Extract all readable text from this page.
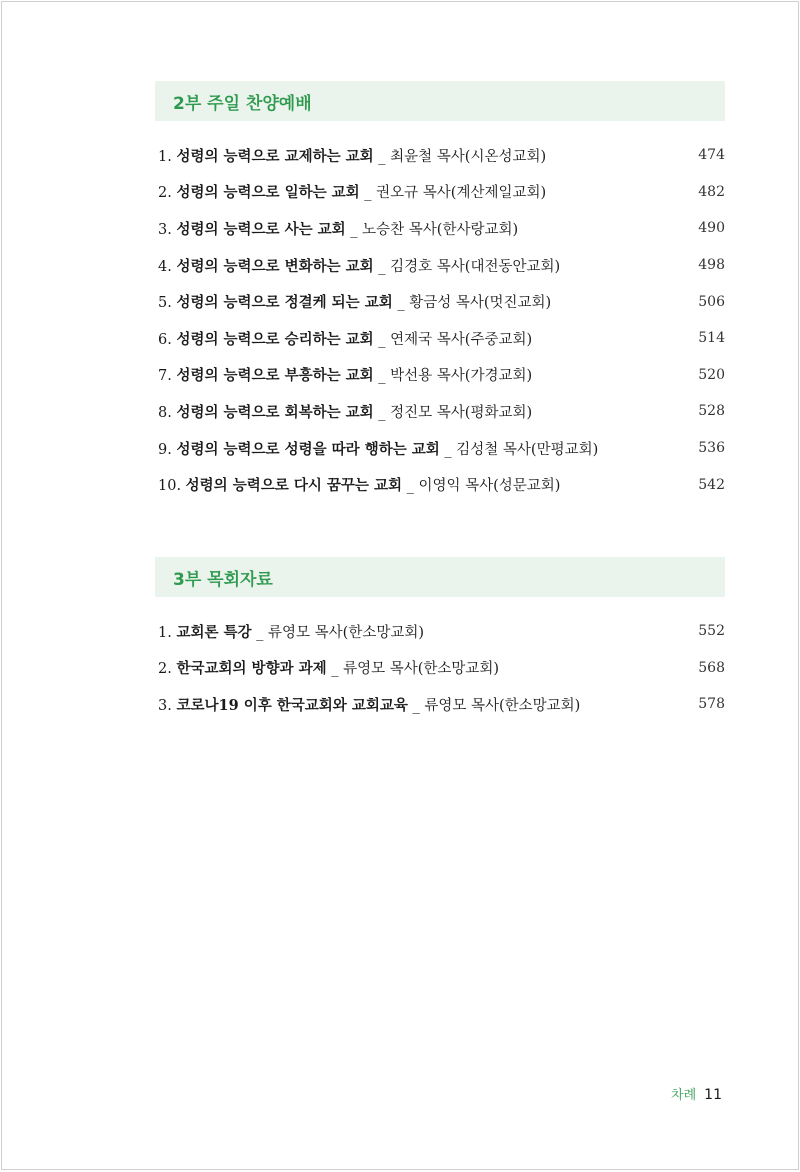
2부 주일 찬양예배
1. 성령의 능력으로 교제하는 교회 _ 최윤철 목사(시온성교회)	474
2. 성령의 능력으로 일하는 교회 _ 권오규 목사(계산제일교회)	482
3. 성령의 능력으로 사는 교회 _ 노승찬 목사(한사랑교회)	490
4. 성령의 능력으로 변화하는 교회 _ 김경호 목사(대전동안교회)	498
5. 성령의 능력으로 정결케 되는 교회 _ 황금성 목사(멋진교회)	506
6. 성령의 능력으로 승리하는 교회 _ 연제국 목사(주중교회)	514
7. 성령의 능력으로 부흥하는 교회 _ 박선용 목사(가경교회)	520
8. 성령의 능력으로 회복하는 교회 _ 정진모 목사(평화교회)	528
9. 성령의 능력으로 성령을 따라 행하는 교회 _ 김성철 목사(만평교회)	536
10. 성령의 능력으로 다시 꿈꾸는 교회 _ 이영익 목사(성문교회)	542
3부 목회자료
1. 교회론 특강 _ 류영모 목사(한소망교회)	552
2. 한국교회의 방향과 과제 _ 류영모 목사(한소망교회)	568
3. 코로나19 이후 한국교회와 교회교육 _ 류영모 목사(한소망교회)	578
차례 11
